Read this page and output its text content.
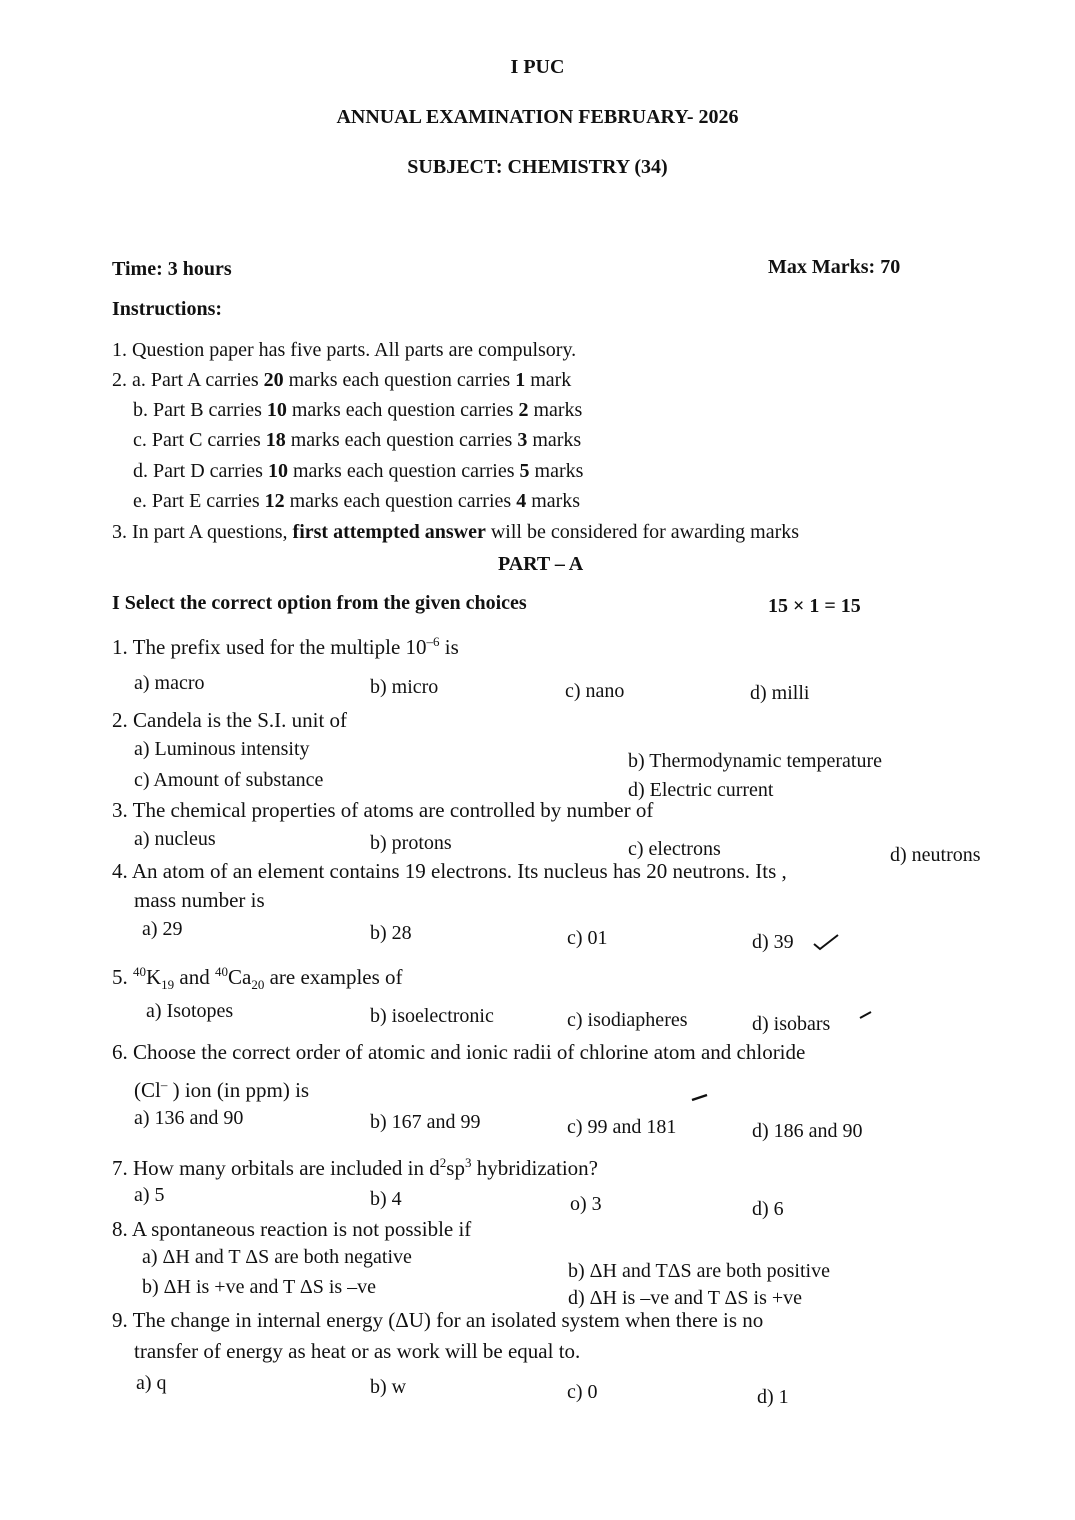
I PUC
ANNUAL EXAMINATION FEBRUARY- 2026
SUBJECT: CHEMISTRY (34)
Time: 3 hours	Max Marks: 70
Instructions:
1. Question paper has five parts. All parts are compulsory.
2. a. Part A carries 20 marks each question carries 1 mark
b. Part B carries 10 marks each question carries 2 marks
c. Part C carries 18 marks each question carries 3 marks
d. Part D carries 10 marks each question carries 5 marks
e. Part E carries 12 marks each question carries 4 marks
3. In part A questions, first attempted answer will be considered for awarding marks
PART – A
I Select the correct option from the given choices	15 × 1 = 15
1. The prefix used for the multiple $10^{-6}$ is
a) macro	b) micro	c) nano	d) milli
2. Candela is the S.I. unit of
a) Luminous intensity
b) Thermodynamic temperature
c) Amount of substance	d) Electric current
3. The chemical properties of atoms are controlled by number of
a) nucleus	b) protons	c) electrons	d) neutrons
4. An atom of an element contains 19 electrons. Its nucleus has 20 neutrons. Its ,
mass number is
a) 29	b) 28	c) 01	d) 39
5. $^{40}K_{19}$ and $^{40}Ca_{20}$ are examples of
a) Isotopes	b) isoelectronic	c) isodiapheres	d) isobars
6. Choose the correct order of atomic and ionic radii of chlorine atom and chloride
(Cl– ) ion (in ppm) is
a) 136 and 90	b) 167 and 99	c) 99 and 181	d) 186 and 90
7. How many orbitals are included in $d^2sp^3$ hybridization?
a) 5	b) 4	o) 3	d) 6
8. A spontaneous reaction is not possible if
a) ΔH and T ΔS are both negative
b) ΔH and TΔS are both positive
b) ΔH is +ve and T ΔS is –ve	d) ΔH is –ve and T ΔS is +ve
9. The change in internal energy (ΔU) for an isolated system when there is no
transfer of energy as heat or as work will be equal to.
a) q	b) w	c) 0	d) 1
